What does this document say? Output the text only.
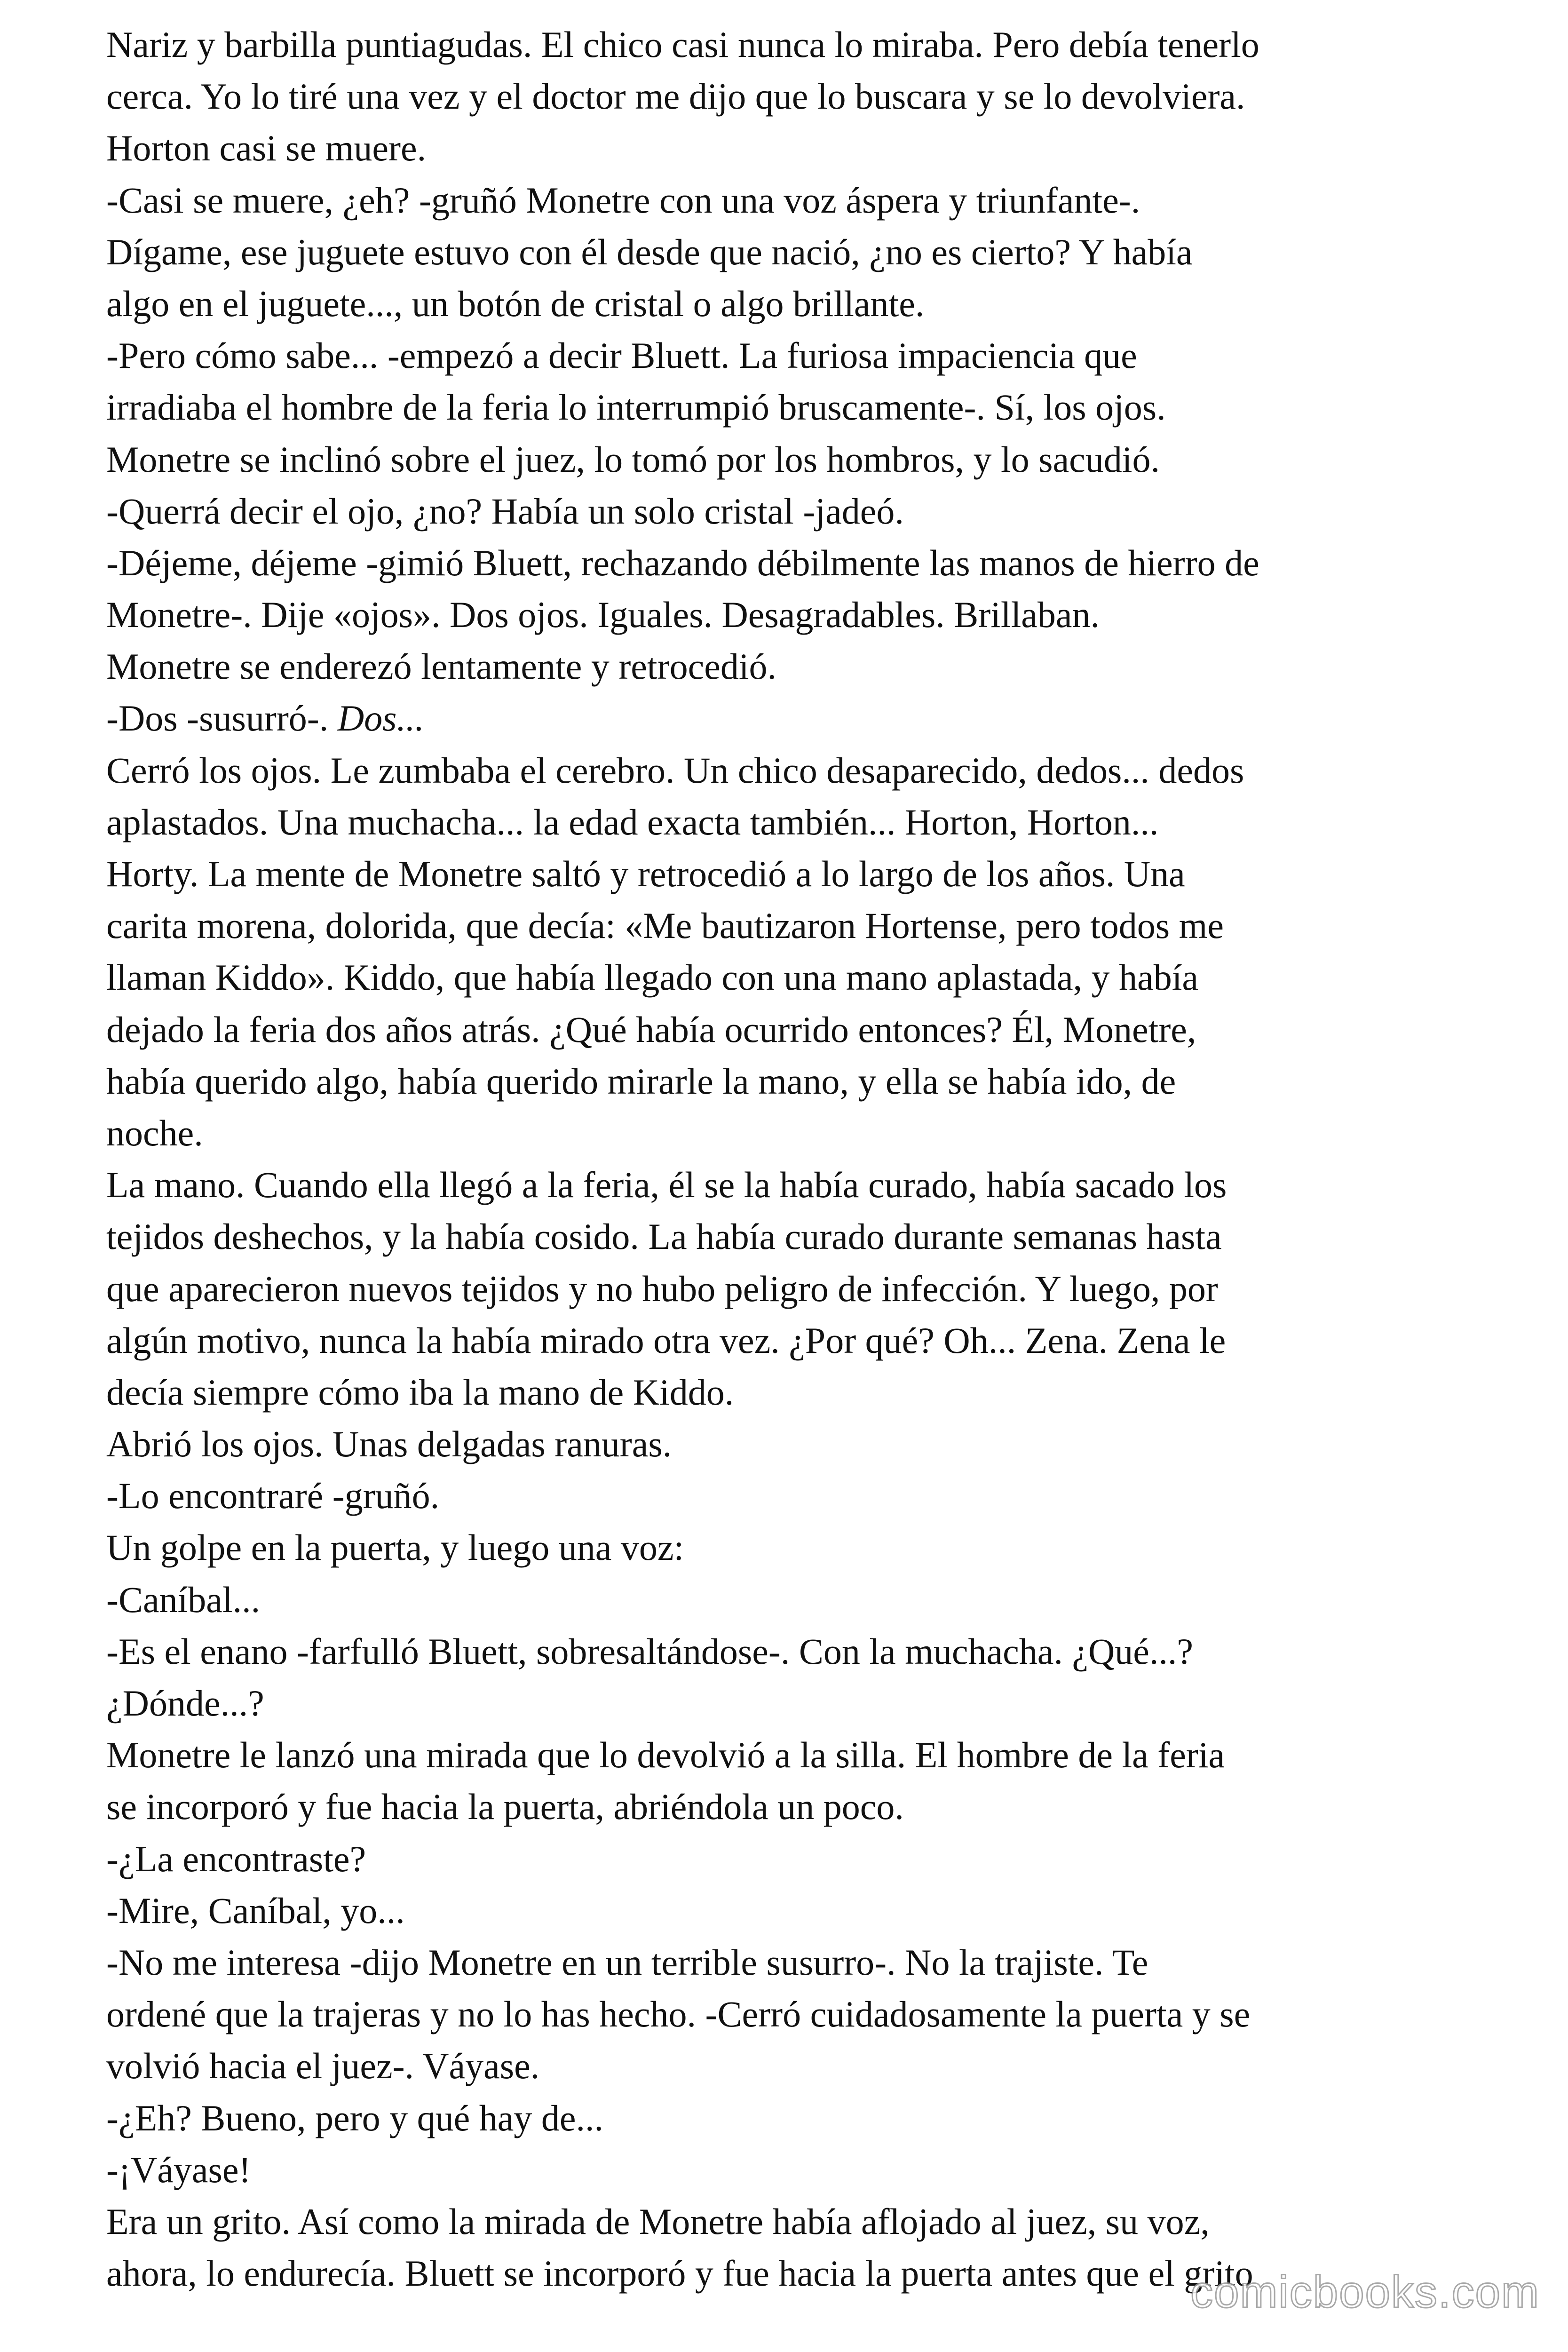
Nariz y barbilla puntiagudas. El chico casi nunca lo miraba. Pero debía tenerlo
cerca. Yo lo tiré una vez y el doctor me dijo que lo buscara y se lo devolviera.
Horton casi se muere.
-Casi se muere, ¿eh? -gruñó Monetre con una voz áspera y triunfante-.
Dígame, ese juguete estuvo con él desde que nació, ¿no es cierto? Y había
algo en el juguete..., un botón de cristal o algo brillante.
-Pero cómo sabe... -empezó a decir Bluett. La furiosa impaciencia que
irradiaba el hombre de la feria lo interrumpió bruscamente-. Sí, los ojos.
Monetre se inclinó sobre el juez, lo tomó por los hombros, y lo sacudió.
-Querrá decir el ojo, ¿no? Había un solo cristal -jadeó.
-Déjeme, déjeme -gimió Bluett, rechazando débilmente las manos de hierro de
Monetre-. Dije «ojos». Dos ojos. Iguales. Desagradables. Brillaban.
Monetre se enderezó lentamente y retrocedió.
-Dos -susurró-. Dos...
Cerró los ojos. Le zumbaba el cerebro. Un chico desaparecido, dedos... dedos
aplastados. Una muchacha... la edad exacta también... Horton, Horton...
Horty. La mente de Monetre saltó y retrocedió a lo largo de los años. Una
carita morena, dolorida, que decía: «Me bautizaron Hortense, pero todos me
llaman Kiddo». Kiddo, que había llegado con una mano aplastada, y había
dejado la feria dos años atrás. ¿Qué había ocurrido entonces? Él, Monetre,
había querido algo, había querido mirarle la mano, y ella se había ido, de
noche.
La mano. Cuando ella llegó a la feria, él se la había curado, había sacado los
tejidos deshechos, y la había cosido. La había curado durante semanas hasta
que aparecieron nuevos tejidos y no hubo peligro de infección. Y luego, por
algún motivo, nunca la había mirado otra vez. ¿Por qué? Oh... Zena. Zena le
decía siempre cómo iba la mano de Kiddo.
Abrió los ojos. Unas delgadas ranuras.
-Lo encontraré -gruñó.
Un golpe en la puerta, y luego una voz:
-Caníbal...
-Es el enano -farfulló Bluett, sobresaltándose-. Con la muchacha. ¿Qué...?
¿Dónde...?
Monetre le lanzó una mirada que lo devolvió a la silla. El hombre de la feria
se incorporó y fue hacia la puerta, abriéndola un poco.
-¿La encontraste?
-Mire, Caníbal, yo...
-No me interesa -dijo Monetre en un terrible susurro-. No la trajiste. Te
ordené que la trajeras y no lo has hecho. -Cerró cuidadosamente la puerta y se
volvió hacia el juez-. Váyase.
-¿Eh? Bueno, pero y qué hay de...
-¡Váyase!
Era un grito. Así como la mirada de Monetre había aflojado al juez, su voz,
ahora, lo endurecía. Bluett se incorporó y fue hacia la puerta antes que el grito
comicbooks.com
